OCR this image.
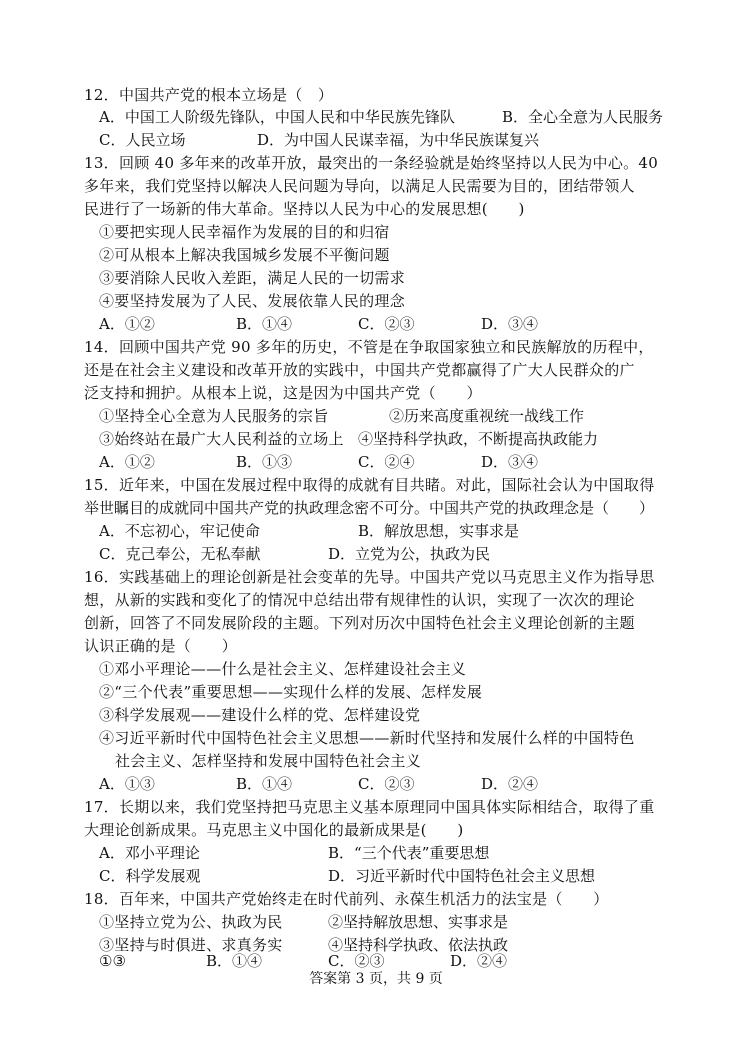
12．中国共产党的根本立场是（　）
A．中国工人阶级先锋队，中国人民和中华民族先锋队	B．全心全意为人民服务
C．人民立场	D．为中国人民谋幸福，为中华民族谋复兴
13．回顾 40 多年来的改革开放，最突出的一条经验就是始终坚持以人民为中心。40
多年来，我们党坚持以解决人民问题为导向，以满足人民需要为目的，团结带领人
民进行了一场新的伟大革命。坚持以人民为中心的发展思想(　　)
①要把实现人民幸福作为发展的目的和归宿
②可从根本上解决我国城乡发展不平衡问题
③要消除人民收入差距，满足人民的一切需求
④要坚持发展为了人民、发展依靠人民的理念
A．①②	B．①④	C．②③	D．③④
14．回顾中国共产党 90 多年的历史，不管是在争取国家独立和民族解放的历程中，
还是在社会主义建设和改革开放的实践中，中国共产党都赢得了广大人民群众的广
泛支持和拥护。从根本上说，这是因为中国共产党（　　）
①坚持全心全意为人民服务的宗旨	②历来高度重视统一战线工作
③始终站在最广大人民利益的立场上 ④坚持科学执政，不断提高执政能力
A．①②	B．①③	C．②④	D．③④
15．近年来，中国在发展过程中取得的成就有目共睹。对此，国际社会认为中国取得
举世瞩目的成就同中国共产党的执政理念密不可分。中国共产党的执政理念是（　　）
A．不忘初心，牢记使命	B．解放思想，实事求是
C．克己奉公，无私奉献	D．立党为公，执政为民
16．实践基础上的理论创新是社会变革的先导。中国共产党以马克思主义作为指导思
想，从新的实践和变化了的情况中总结出带有规律性的认识，实现了一次次的理论
创新，回答了不同发展阶段的主题。下列对历次中国特色社会主义理论创新的主题
认识正确的是（　　）
①邓小平理论——什么是社会主义、怎样建设社会主义
②“三个代表”重要思想——实现什么样的发展、怎样发展
③科学发展观——建设什么样的党、怎样建设党
④习近平新时代中国特色社会主义思想——新时代坚持和发展什么样的中国特色
社会主义、怎样坚持和发展中国特色社会主义
A．①③	B．①④	C．②③	D．②④
17．长期以来，我们党坚持把马克思主义基本原理同中国具体实际相结合，取得了重
大理论创新成果。马克思主义中国化的最新成果是(　　)
A．邓小平理论	B．“三个代表”重要思想
C．科学发展观	D．习近平新时代中国特色社会主义思想
18．百年来，中国共产党始终走在时代前列、永葆生机活力的法宝是（　　）
①坚持立党为公、执政为民	②坚持解放思想、实事求是
③坚持与时俱进、求真务实	④坚持科学执政、依法执政
①③	B．①④	C．②③	D．②④
答案第 3 页，共 9 页
